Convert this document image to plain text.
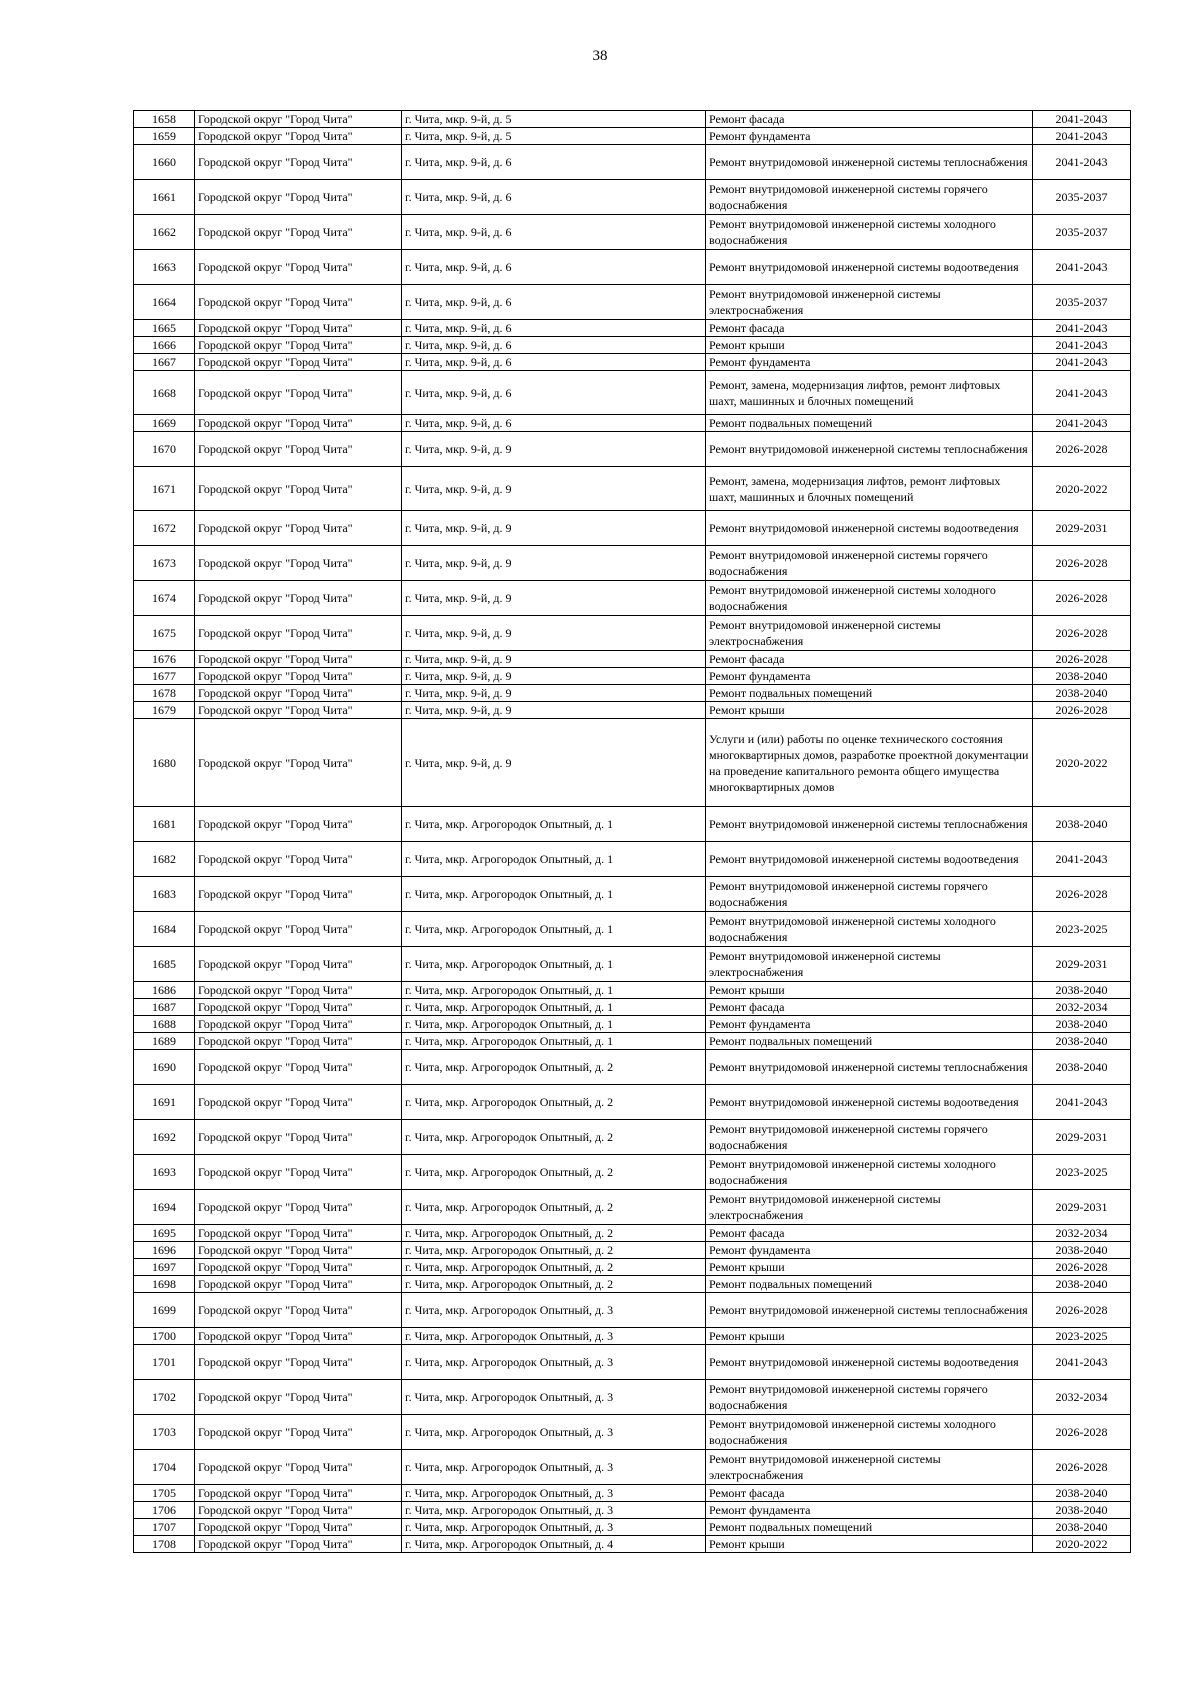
38
1658	Городской округ "Город Чита"	г. Чита, мкр. 9-й, д. 5	Ремонт фасада	2041-2043
1659	Городской округ "Город Чита"	г. Чита, мкр. 9-й, д. 5	Ремонт фундамента	2041-2043
1660	Городской округ "Город Чита"	г. Чита, мкр. 9-й, д. 6	Ремонт внутридомовой инженерной системы теплоснабжения	2041-2043
1661	Городской округ "Город Чита"	г. Чита, мкр. 9-й, д. 6	Ремонт внутридомовой инженерной системы горячего водоснабжения	2035-2037
1662	Городской округ "Город Чита"	г. Чита, мкр. 9-й, д. 6	Ремонт внутридомовой инженерной системы холодного водоснабжения	2035-2037
1663	Городской округ "Город Чита"	г. Чита, мкр. 9-й, д. 6	Ремонт внутридомовой инженерной системы водоотведения	2041-2043
1664	Городской округ "Город Чита"	г. Чита, мкр. 9-й, д. 6	Ремонт внутридомовой инженерной системы электроснабжения	2035-2037
1665	Городской округ "Город Чита"	г. Чита, мкр. 9-й, д. 6	Ремонт фасада	2041-2043
1666	Городской округ "Город Чита"	г. Чита, мкр. 9-й, д. 6	Ремонт крыши	2041-2043
1667	Городской округ "Город Чита"	г. Чита, мкр. 9-й, д. 6	Ремонт фундамента	2041-2043
1668	Городской округ "Город Чита"	г. Чита, мкр. 9-й, д. 6	Ремонт, замена, модернизация лифтов, ремонт лифтовых шахт, машинных и блочных помещений	2041-2043
1669	Городской округ "Город Чита"	г. Чита, мкр. 9-й, д. 6	Ремонт подвальных помещений	2041-2043
1670	Городской округ "Город Чита"	г. Чита, мкр. 9-й, д. 9	Ремонт внутридомовой инженерной системы теплоснабжения	2026-2028
1671	Городской округ "Город Чита"	г. Чита, мкр. 9-й, д. 9	Ремонт, замена, модернизация лифтов, ремонт лифтовых шахт, машинных и блочных помещений	2020-2022
1672	Городской округ "Город Чита"	г. Чита, мкр. 9-й, д. 9	Ремонт внутридомовой инженерной системы водоотведения	2029-2031
1673	Городской округ "Город Чита"	г. Чита, мкр. 9-й, д. 9	Ремонт внутридомовой инженерной системы горячего водоснабжения	2026-2028
1674	Городской округ "Город Чита"	г. Чита, мкр. 9-й, д. 9	Ремонт внутридомовой инженерной системы холодного водоснабжения	2026-2028
1675	Городской округ "Город Чита"	г. Чита, мкр. 9-й, д. 9	Ремонт внутридомовой инженерной системы электроснабжения	2026-2028
1676	Городской округ "Город Чита"	г. Чита, мкр. 9-й, д. 9	Ремонт фасада	2026-2028
1677	Городской округ "Город Чита"	г. Чита, мкр. 9-й, д. 9	Ремонт фундамента	2038-2040
1678	Городской округ "Город Чита"	г. Чита, мкр. 9-й, д. 9	Ремонт подвальных помещений	2038-2040
1679	Городской округ "Город Чита"	г. Чита, мкр. 9-й, д. 9	Ремонт крыши	2026-2028
1680	Городской округ "Город Чита"	г. Чита, мкр. 9-й, д. 9	Услуги и (или) работы по оценке технического состояния многоквартирных домов, разработке проектной документации на проведение капитального ремонта общего имущества многоквартирных домов	2020-2022
1681	Городской округ "Город Чита"	г. Чита, мкр. Агрогородок Опытный, д. 1	Ремонт внутридомовой инженерной системы теплоснабжения	2038-2040
1682	Городской округ "Город Чита"	г. Чита, мкр. Агрогородок Опытный, д. 1	Ремонт внутридомовой инженерной системы водоотведения	2041-2043
1683	Городской округ "Город Чита"	г. Чита, мкр. Агрогородок Опытный, д. 1	Ремонт внутридомовой инженерной системы горячего водоснабжения	2026-2028
1684	Городской округ "Город Чита"	г. Чита, мкр. Агрогородок Опытный, д. 1	Ремонт внутридомовой инженерной системы холодного водоснабжения	2023-2025
1685	Городской округ "Город Чита"	г. Чита, мкр. Агрогородок Опытный, д. 1	Ремонт внутридомовой инженерной системы электроснабжения	2029-2031
1686	Городской округ "Город Чита"	г. Чита, мкр. Агрогородок Опытный, д. 1	Ремонт крыши	2038-2040
1687	Городской округ "Город Чита"	г. Чита, мкр. Агрогородок Опытный, д. 1	Ремонт фасада	2032-2034
1688	Городской округ "Город Чита"	г. Чита, мкр. Агрогородок Опытный, д. 1	Ремонт фундамента	2038-2040
1689	Городской округ "Город Чита"	г. Чита, мкр. Агрогородок Опытный, д. 1	Ремонт подвальных помещений	2038-2040
1690	Городской округ "Город Чита"	г. Чита, мкр. Агрогородок Опытный, д. 2	Ремонт внутридомовой инженерной системы теплоснабжения	2038-2040
1691	Городской округ "Город Чита"	г. Чита, мкр. Агрогородок Опытный, д. 2	Ремонт внутридомовой инженерной системы водоотведения	2041-2043
1692	Городской округ "Город Чита"	г. Чита, мкр. Агрогородок Опытный, д. 2	Ремонт внутридомовой инженерной системы горячего водоснабжения	2029-2031
1693	Городской округ "Город Чита"	г. Чита, мкр. Агрогородок Опытный, д. 2	Ремонт внутридомовой инженерной системы холодного водоснабжения	2023-2025
1694	Городской округ "Город Чита"	г. Чита, мкр. Агрогородок Опытный, д. 2	Ремонт внутридомовой инженерной системы электроснабжения	2029-2031
1695	Городской округ "Город Чита"	г. Чита, мкр. Агрогородок Опытный, д. 2	Ремонт фасада	2032-2034
1696	Городской округ "Город Чита"	г. Чита, мкр. Агрогородок Опытный, д. 2	Ремонт фундамента	2038-2040
1697	Городской округ "Город Чита"	г. Чита, мкр. Агрогородок Опытный, д. 2	Ремонт крыши	2026-2028
1698	Городской округ "Город Чита"	г. Чита, мкр. Агрогородок Опытный, д. 2	Ремонт подвальных помещений	2038-2040
1699	Городской округ "Город Чита"	г. Чита, мкр. Агрогородок Опытный, д. 3	Ремонт внутридомовой инженерной системы теплоснабжения	2026-2028
1700	Городской округ "Город Чита"	г. Чита, мкр. Агрогородок Опытный, д. 3	Ремонт крыши	2023-2025
1701	Городской округ "Город Чита"	г. Чита, мкр. Агрогородок Опытный, д. 3	Ремонт внутридомовой инженерной системы водоотведения	2041-2043
1702	Городской округ "Город Чита"	г. Чита, мкр. Агрогородок Опытный, д. 3	Ремонт внутридомовой инженерной системы горячего водоснабжения	2032-2034
1703	Городской округ "Город Чита"	г. Чита, мкр. Агрогородок Опытный, д. 3	Ремонт внутридомовой инженерной системы холодного водоснабжения	2026-2028
1704	Городской округ "Город Чита"	г. Чита, мкр. Агрогородок Опытный, д. 3	Ремонт внутридомовой инженерной системы электроснабжения	2026-2028
1705	Городской округ "Город Чита"	г. Чита, мкр. Агрогородок Опытный, д. 3	Ремонт фасада	2038-2040
1706	Городской округ "Город Чита"	г. Чита, мкр. Агрогородок Опытный, д. 3	Ремонт фундамента	2038-2040
1707	Городской округ "Город Чита"	г. Чита, мкр. Агрогородок Опытный, д. 3	Ремонт подвальных помещений	2038-2040
1708	Городской округ "Город Чита"	г. Чита, мкр. Агрогородок Опытный, д. 4	Ремонт крыши	2020-2022
